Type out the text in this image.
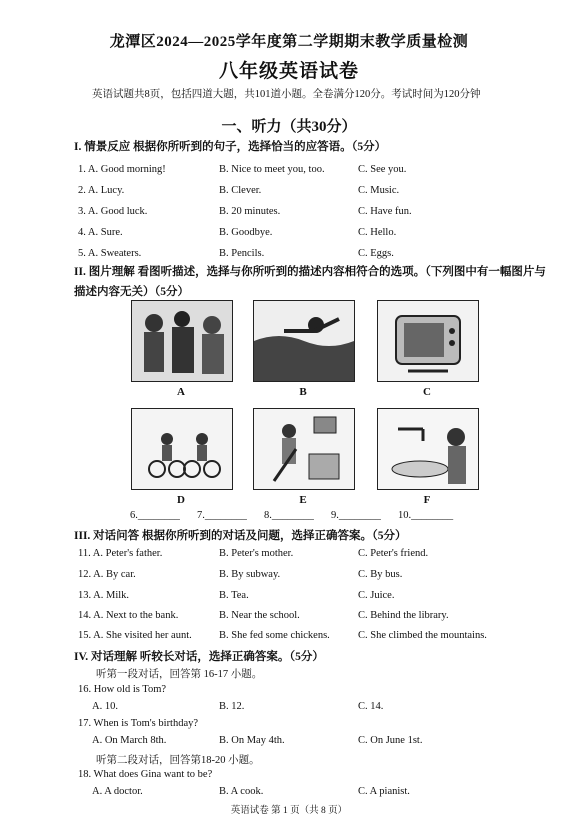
龙潭区2024—2025学年度第二学期期末教学质量检测
八年级英语试卷
英语试题共8页，包括四道大题，共101道小题。全卷满分120分。考试时间为120分钟
一、听力（共30分）
I. 情景反应 根据你所听到的句子，选择恰当的应答语。（5分）
1. A. Good morning!	B. Nice to meet you, too.	C. See you.
2. A. Lucy.	B. Clever.	C. Music.
3. A. Good luck.	B. 20 minutes.	C. Have fun.
4. A. Sure.	B. Goodbye.	C. Hello.
5. A. Sweaters.	B. Pencils.	C. Eggs.
II. 图片理解 看图听描述，选择与你所听到的描述内容相符合的选项。（下列图中有一幅图片与描述内容无关）（5分）
A	B	C
D	E	F
6.________ 7.________ 8.________ 9.________ 10.________
III. 对话问答 根据你所听到的对话及问题，选择正确答案。（5分）
11. A. Peter's father.	B. Peter's mother.	C. Peter's friend.
12. A. By car.	B. By subway.	C. By bus.
13. A. Milk.	B. Tea.	C. Juice.
14. A. Next to the bank.	B. Near the school.	C. Behind the library.
15. A. She visited her aunt.	B. She fed some chickens.	C. She climbed the mountains.
IV. 对话理解 听较长对话，选择正确答案。（5分）
听第一段对话，回答第 16-17 小题。
16. How old is Tom?
A. 10.	B. 12.	C. 14.
17. When is Tom's birthday?
A. On March 8th.	B. On May 4th.	C. On June 1st.
听第二段对话，回答第18-20 小题。
18. What does Gina want to be?
A. A doctor.	B. A cook.	C. A pianist.
英语试卷 第 1 页（共 8 页）
